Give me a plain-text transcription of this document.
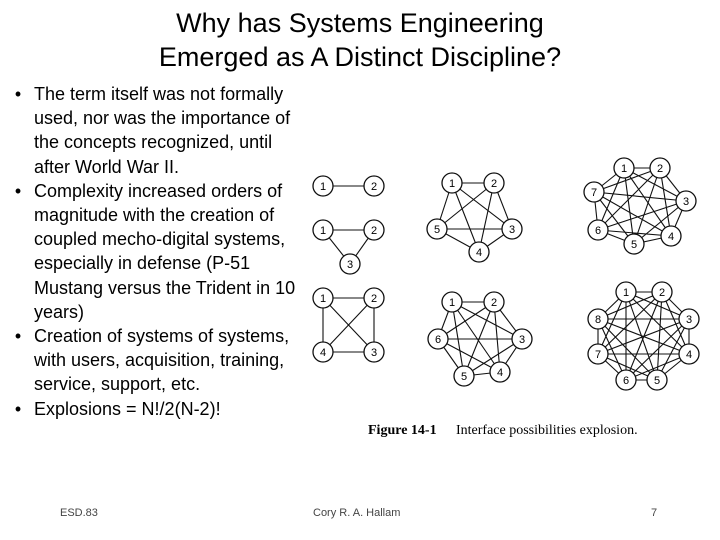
Why has Systems Engineering
Emerged as A Distinct Discipline?
• The term itself was not formally used, nor was the importance of the concepts recognized, until after World War II.
• Complexity increased orders of magnitude with the creation of coupled mecho-digital systems, especially in defense (P-51 Mustang versus the Trident in 10 years)
• Creation of systems of systems, with users, acquisition, training, service, support, etc.
• Explosions = N!/2(N-2)!
1	2
1	2
3
1	2
3
4
1	2
3
4
5
1	2
3
4
5
6
1	2
3
4
5
6
7
1	2
3
4
5
6
7
8
Figure 14-1 Interface possibilities explosion.
ESD.83	Cory R. A. Hallam	7
